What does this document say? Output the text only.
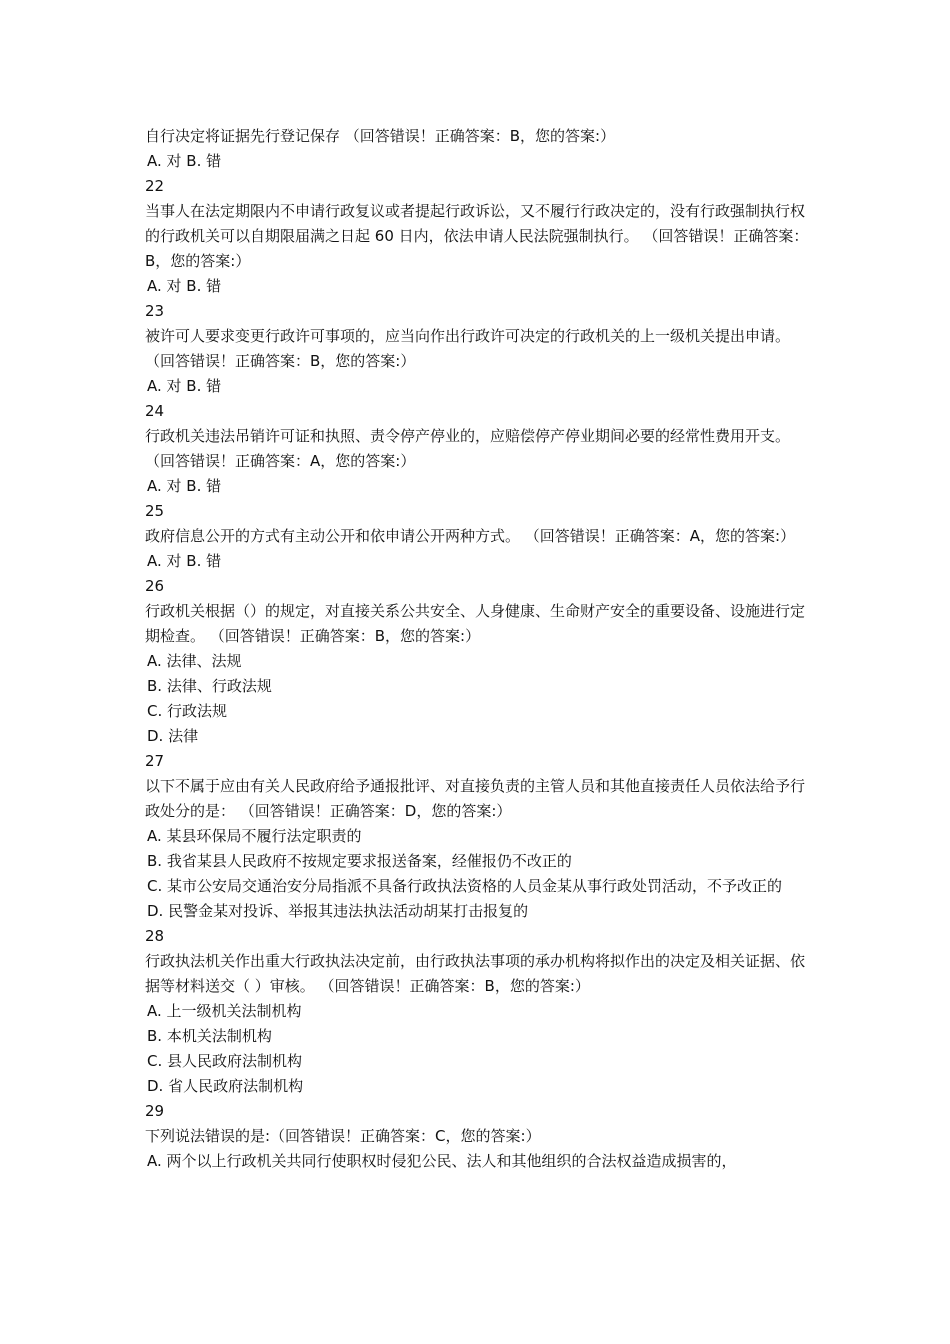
自行决定将证据先行登记保存 （回答错误！正确答案：B，您的答案:）
A. 对 B. 错
22
当事人在法定期限内不申请行政复议或者提起行政诉讼，又不履行行政决定的，没有行政强制执行权的行政机关可以自期限届满之日起 60 日内，依法申请人民法院强制执行。 （回答错误！正确答案：B，您的答案:）
A. 对 B. 错
23
被许可人要求变更行政许可事项的，应当向作出行政许可决定的行政机关的上一级机关提出申请。 （回答错误！正确答案：B，您的答案:）
A. 对 B. 错
24
行政机关违法吊销许可证和执照、责令停产停业的，应赔偿停产停业期间必要的经常性费用开支。 （回答错误！正确答案：A，您的答案:）
A. 对 B. 错
25
政府信息公开的方式有主动公开和依申请公开两种方式。 （回答错误！正确答案：A，您的答案:）
A. 对 B. 错
26
行政机关根据（）的规定，对直接关系公共安全、人身健康、生命财产安全的重要设备、设施进行定期检查。 （回答错误！正确答案：B，您的答案:）
A. 法律、法规
B. 法律、行政法规
C. 行政法规
D. 法律
27
以下不属于应由有关人民政府给予通报批评、对直接负责的主管人员和其他直接责任人员依法给予行政处分的是： （回答错误！正确答案：D，您的答案:）
A. 某县环保局不履行法定职责的
B. 我省某县人民政府不按规定要求报送备案，经催报仍不改正的
C. 某市公安局交通治安分局指派不具备行政执法资格的人员金某从事行政处罚活动，不予改正的
D. 民警金某对投诉、举报其违法执法活动胡某打击报复的
28
行政执法机关作出重大行政执法决定前，由行政执法事项的承办机构将拟作出的决定及相关证据、依据等材料送交（ ）审核。 （回答错误！正确答案：B，您的答案:）
A. 上一级机关法制机构
B. 本机关法制机构
C. 县人民政府法制机构
D. 省人民政府法制机构
29
下列说法错误的是:（回答错误！正确答案：C，您的答案:）
A. 两个以上行政机关共同行使职权时侵犯公民、法人和其他组织的合法权益造成损害的，
